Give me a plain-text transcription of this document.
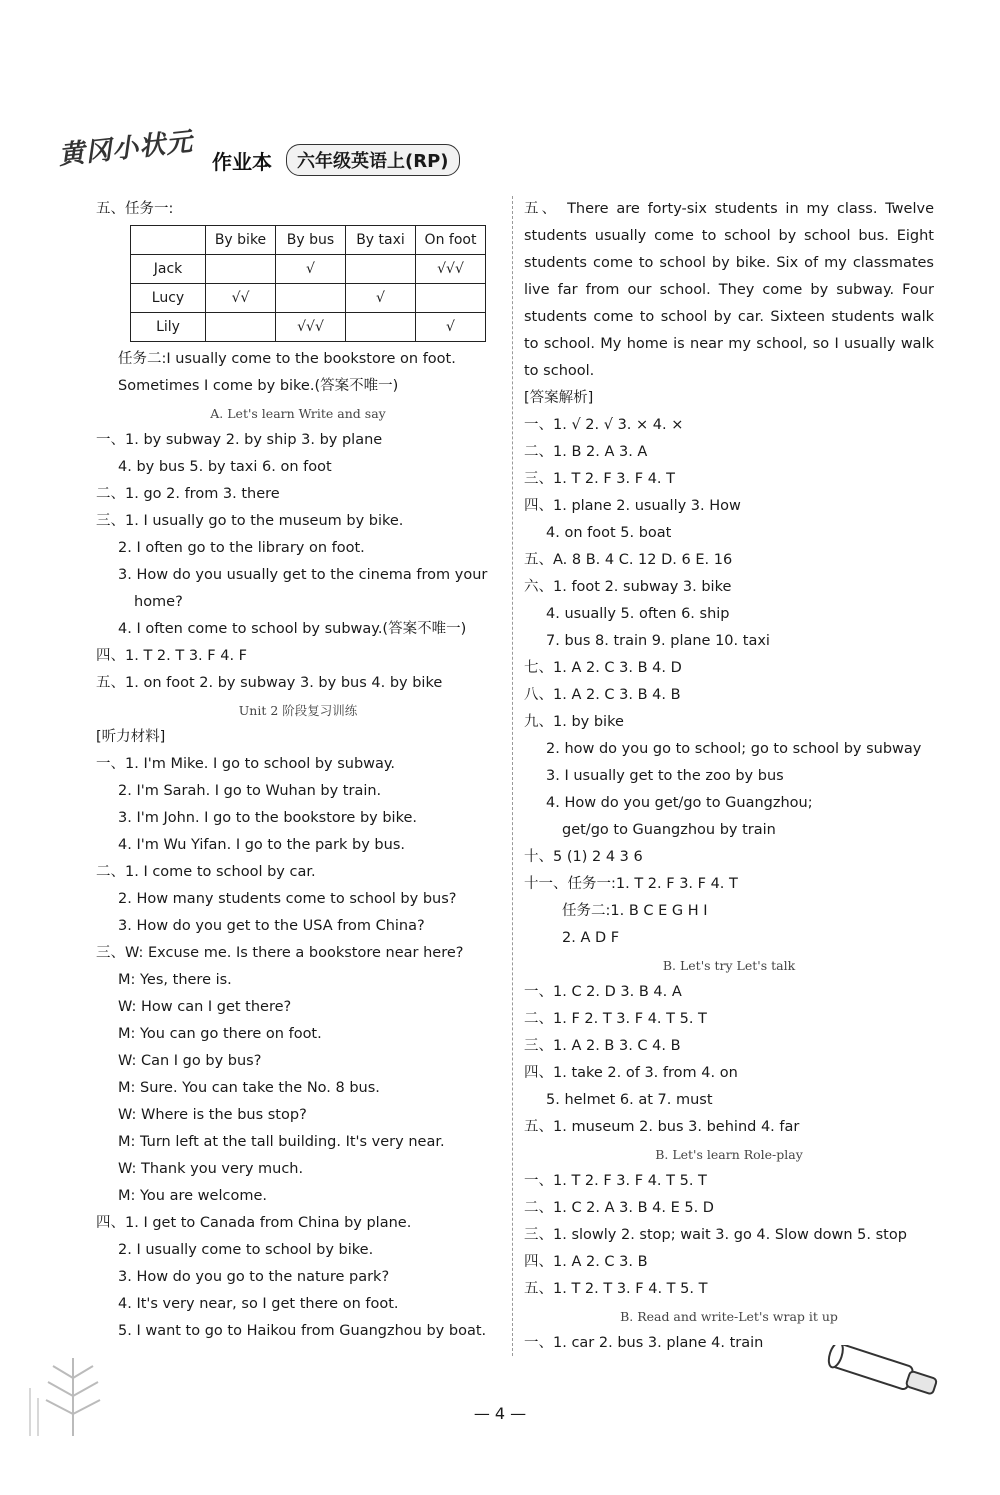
黄冈小状元 作业本	六年级英语上(RP)
五、任务一:
	By bike	By bus	By taxi	On foot
Jack		√		√√√
Lucy	√√		√	
Lily		√√√		√
任务二:I usually come to the bookstore on foot.
Sometimes I come by bike.(答案不唯一)
A. Let's learn Write and say
一、1. by subway 2. by ship 3. by plane
4. by bus 5. by taxi 6. on foot
二、1. go 2. from 3. there
三、1. I usually go to the museum by bike.
2. I often go to the library on foot.
3. How do you usually get to the cinema from your
home?
4. I often come to school by subway.(答案不唯一)
四、1. T 2. T 3. F 4. F
五、1. on foot 2. by subway 3. by bus 4. by bike
Unit 2 阶段复习训练
[听力材料]
一、1. I'm Mike. I go to school by subway.
2. I'm Sarah. I go to Wuhan by train.
3. I'm John. I go to the bookstore by bike.
4. I'm Wu Yifan. I go to the park by bus.
二、1. I come to school by car.
2. How many students come to school by bus?
3. How do you get to the USA from China?
三、W: Excuse me. Is there a bookstore near here?
M: Yes, there is.
W: How can I get there?
M: You can go there on foot.
W: Can I go by bus?
M: Sure. You can take the No. 8 bus.
W: Where is the bus stop?
M: Turn left at the tall building. It's very near.
W: Thank you very much.
M: You are welcome.
四、1. I get to Canada from China by plane.
2. I usually come to school by bike.
3. How do you go to the nature park?
4. It's very near, so I get there on foot.
5. I want to go to Haikou from Guangzhou by boat.
五、 There are forty-six students in my class. Twelve students usually come to school by school bus. Eight students come to school by bike. Six of my classmates live far from our school. They come by subway. Four students come to school by car. Sixteen students walk to school. My home is near my school, so I usually walk to school.
[答案解析]
一、1. √ 2. √ 3. × 4. ×
二、1. B 2. A 3. A
三、1. T 2. F 3. F 4. T
四、1. plane 2. usually 3. How
4. on foot 5. boat
五、A. 8 B. 4 C. 12 D. 6 E. 16
六、1. foot 2. subway 3. bike
4. usually 5. often 6. ship
7. bus 8. train 9. plane 10. taxi
七、1. A 2. C 3. B 4. D
八、1. A 2. C 3. B 4. B
九、1. by bike
2. how do you go to school; go to school by subway
3. I usually get to the zoo by bus
4. How do you get/go to Guangzhou;
get/go to Guangzhou by train
十、5 (1) 2 4 3 6
十一、任务一:1. T 2. F 3. F 4. T
任务二:1. B C E G H I
2. A D F
B. Let's try Let's talk
一、1. C 2. D 3. B 4. A
二、1. F 2. T 3. F 4. T 5. T
三、1. A 2. B 3. C 4. B
四、1. take 2. of 3. from 4. on
5. helmet 6. at 7. must
五、1. museum 2. bus 3. behind 4. far
B. Let's learn Role-play
一、1. T 2. F 3. F 4. T 5. T
二、1. C 2. A 3. B 4. E 5. D
三、1. slowly 2. stop; wait 3. go 4. Slow down 5. stop
四、1. A 2. C 3. B
五、1. T 2. T 3. F 4. T 5. T
B. Read and write-Let's wrap it up
一、1. car 2. bus 3. plane 4. train
— 4 —
